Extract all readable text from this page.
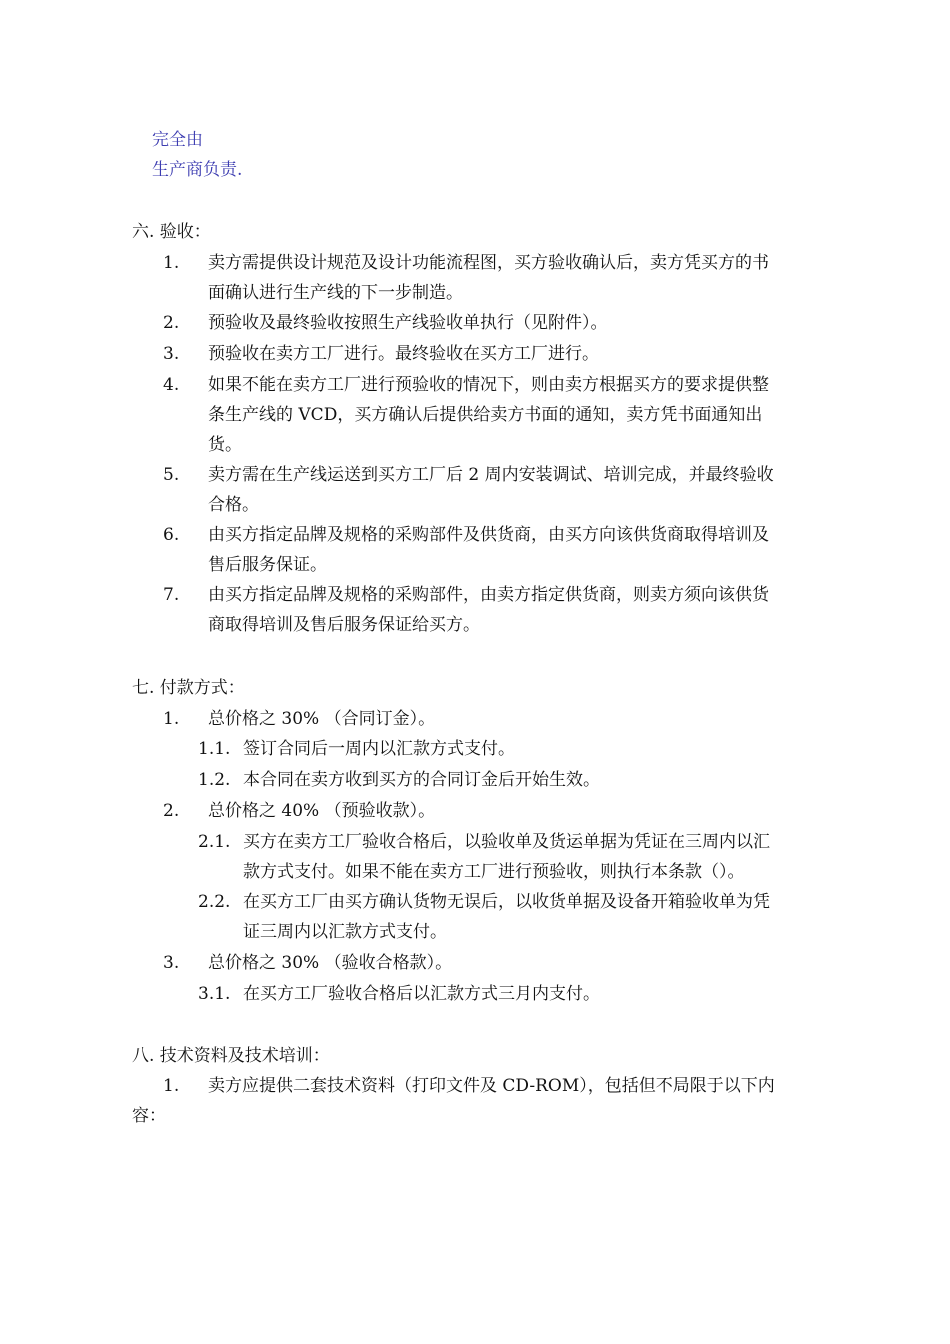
完全由
生产商负责.
六. 验收：
1. 卖方需提供设计规范及设计功能流程图，买方验收确认后，卖方凭买方的书
面确认进行生产线的下一步制造。
2. 预验收及最终验收按照生产线验收单执行（见附件）。
3. 预验收在卖方工厂进行。最终验收在买方工厂进行。
4. 如果不能在卖方工厂进行预验收的情况下，则由卖方根据买方的要求提供整
条生产线的 VCD，买方确认后提供给卖方书面的通知，卖方凭书面通知出
货。
5. 卖方需在生产线运送到买方工厂后 2 周内安装调试、培训完成，并最终验收
合格。
6. 由买方指定品牌及规格的采购部件及供货商，由买方向该供货商取得培训及
售后服务保证。
7. 由买方指定品牌及规格的采购部件，由卖方指定供货商，则卖方须向该供货
商取得培训及售后服务保证给买方。
七. 付款方式：
1. 总价格之 30% （合同订金）。
1.1. 签订合同后一周内以汇款方式支付。
1.2. 本合同在卖方收到买方的合同订金后开始生效。
2. 总价格之 40% （预验收款）。
2.1. 买方在卖方工厂验收合格后，以验收单及货运单据为凭证在三周内以汇
款方式支付。如果不能在卖方工厂进行预验收，则执行本条款（）。
2.2. 在买方工厂由买方确认货物无误后，以收货单据及设备开箱验收单为凭
证三周内以汇款方式支付。
3. 总价格之 30% （验收合格款）。
3.1. 在买方工厂验收合格后以汇款方式三月内支付。
八. 技术资料及技术培训：
1. 卖方应提供二套技术资料（打印文件及 CD-ROM），包括但不局限于以下内
容：
